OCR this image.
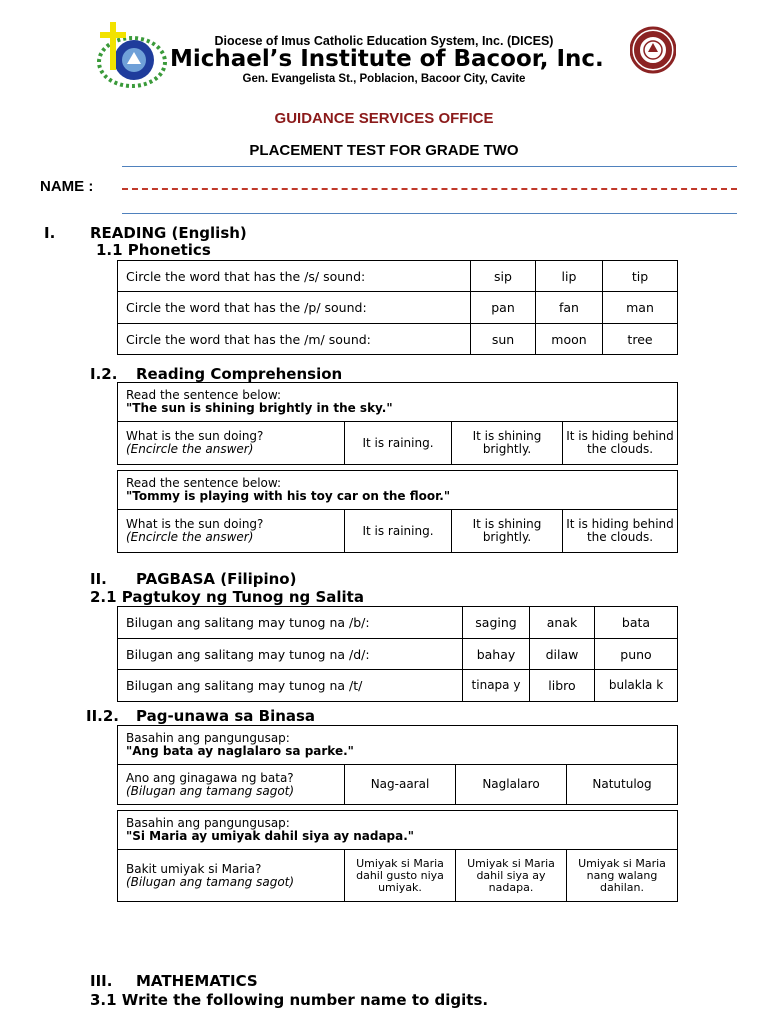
Diocese of Imus Catholic Education System, Inc. (DICES)
Michael’s Institute of Bacoor, Inc.
Gen. Evangelista St., Poblacion, Bacoor City, Cavite
GUIDANCE SERVICES OFFICE
PLACEMENT TEST FOR GRADE TWO
NAME :
I. READING (English)
1.1 Phonetics
Circle the word that has the /s/ sound:	sip	lip	tip
Circle the word that has the /p/ sound:	pan	fan	man
Circle the word that has the /m/ sound:	sun	moon	tree
I.2. Reading Comprehension
Read the sentence below:
"The sun is shining brightly in the sky."

What is the sun doing?
(Encircle the answer)	It is raining.	It is shining brightly.	It is hiding behind the clouds.
Read the sentence below:
"Tommy is playing with his toy car on the floor."

What is the sun doing?
(Encircle the answer)	It is raining.	It is shining brightly.	It is hiding behind the clouds.
II. PAGBASA (Filipino)
2.1 Pagtukoy ng Tunog ng Salita
Bilugan ang salitang may tunog na /b/:	saging	anak	bata
Bilugan ang salitang may tunog na /d/:	bahay	dilaw	puno
Bilugan ang salitang may tunog na /t/	tinapa y	libro	bulakla k
II.2. Pag-unawa sa Binasa
Basahin ang pangungusap:
"Ang bata ay naglalaro sa parke."

Ano ang ginagawa ng bata?
(Bilugan ang tamang sagot)	Nag-aaral	Naglalaro	Natutulog
Basahin ang pangungusap:
"Si Maria ay umiyak dahil siya ay nadapa."

Bakit umiyak si Maria?
(Bilugan ang tamang sagot)
	Umiyak si Maria dahil gusto niya umiyak.	Umiyak si Maria dahil siya ay nadapa.	Umiyak si Maria nang walang dahilan.
III. MATHEMATICS
3.1 Write the following number name to digits.
